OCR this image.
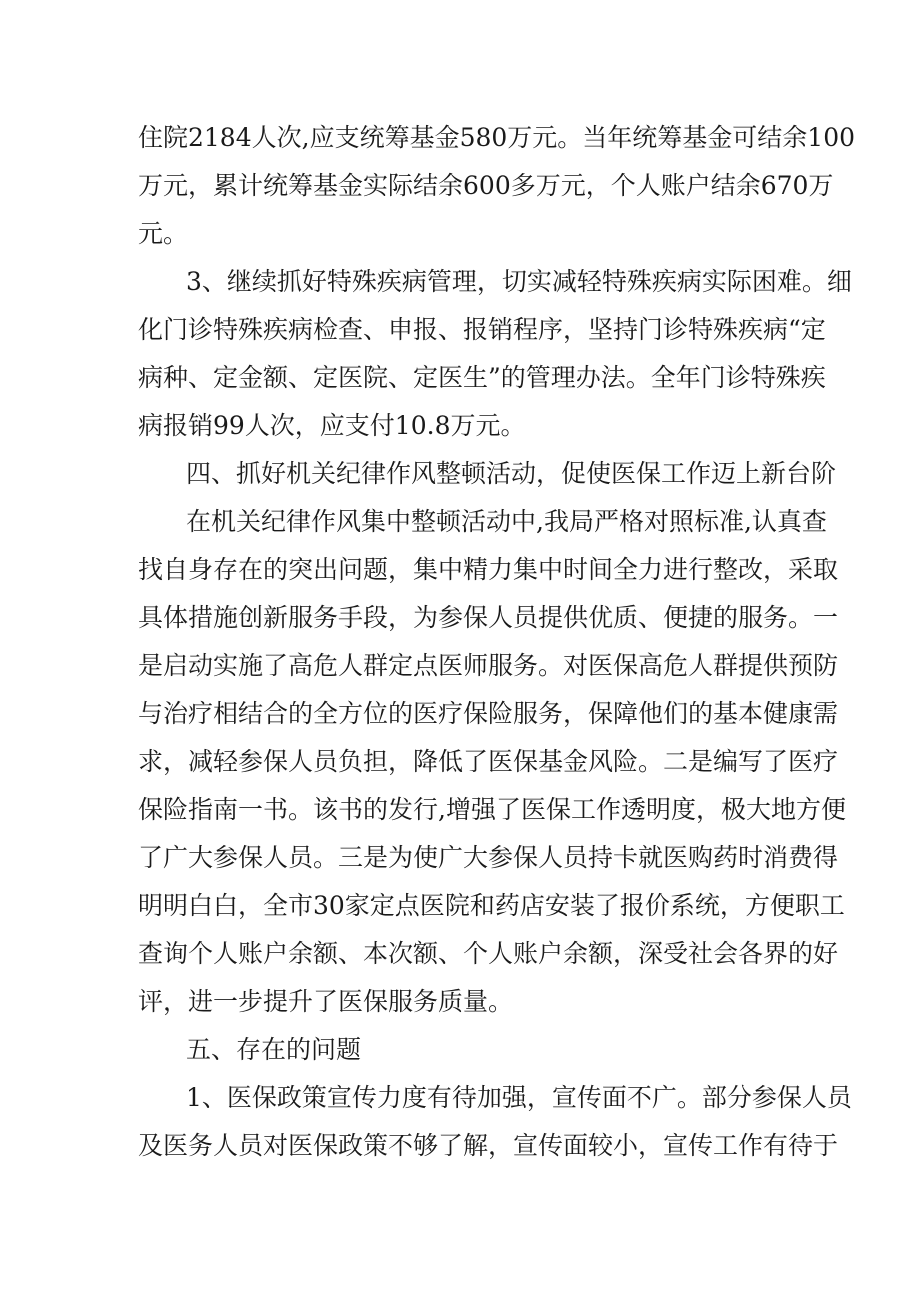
住院2184人次,应支统筹基金580万元。当年统筹基金可结余100
万元，累计统筹基金实际结余600多万元，个人账户结余670万
元。
3、继续抓好特殊疾病管理，切实减轻特殊疾病实际困难。细
化门诊特殊疾病检查、申报、报销程序，坚持门诊特殊疾病“定
病种、定金额、定医院、定医生”的管理办法。全年门诊特殊疾
病报销99人次，应支付10.8万元。
四、抓好机关纪律作风整顿活动，促使医保工作迈上新台阶
在机关纪律作风集中整顿活动中,我局严格对照标准,认真查
找自身存在的突出问题，集中精力集中时间全力进行整改，采取
具体措施创新服务手段，为参保人员提供优质、便捷的服务。一
是启动实施了高危人群定点医师服务。对医保高危人群提供预防
与治疗相结合的全方位的医疗保险服务，保障他们的基本健康需
求，减轻参保人员负担，降低了医保基金风险。二是编写了医疗
保险指南一书。该书的发行,增强了医保工作透明度，极大地方便
了广大参保人员。三是为使广大参保人员持卡就医购药时消费得
明明白白，全市30家定点医院和药店安装了报价系统，方便职工
查询个人账户余额、本次额、个人账户余额，深受社会各界的好
评，进一步提升了医保服务质量。
五、存在的问题
1、医保政策宣传力度有待加强，宣传面不广。部分参保人员
及医务人员对医保政策不够了解，宣传面较小，宣传工作有待于
